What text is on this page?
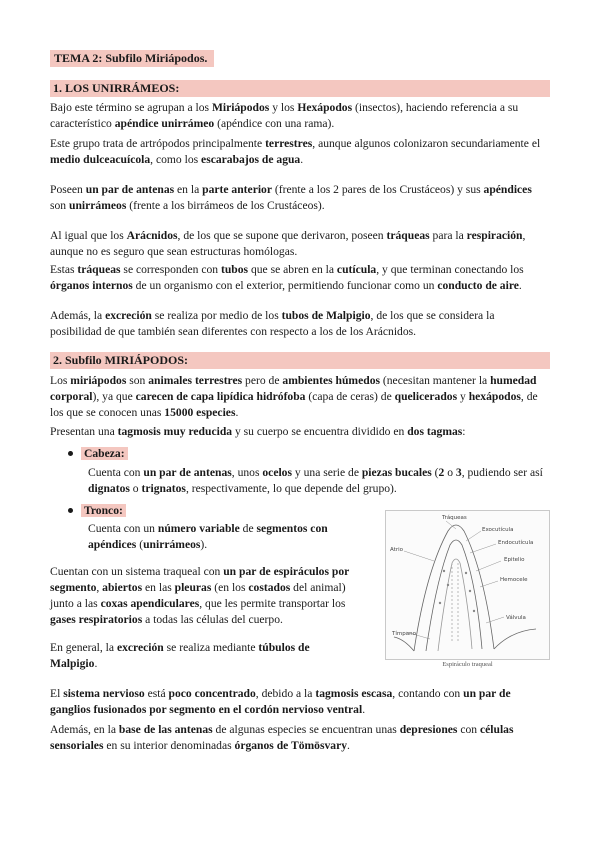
TEMA 2: Subfilo Miriápodos.
1. LOS UNIRRÁMEOS:

Bajo este término se agrupan a los Miriápodos y los Hexápodos (insectos), haciendo referencia a su característico apéndice unirrámeo (apéndice con una rama).

Este grupo trata de artrópodos principalmente terrestres, aunque algunos colonizaron secundariamente el medio dulceacuícola, como los escarabajos de agua.

Poseen un par de antenas en la parte anterior (frente a los 2 pares de los Crustáceos) y sus apéndices son unirrámeos (frente a los birrámeos de los Crustáceos).

Al igual que los Arácnidos, de los que se supone que derivaron, poseen tráqueas para la respiración, aunque no es seguro que sean estructuras homólogas.

Estas tráqueas se corresponden con tubos que se abren en la cutícula, y que terminan conectando los órganos internos de un organismo con el exterior, permitiendo funcionar como un conducto de aire.

Además, la excreción se realiza por medio de los tubos de Malpigio, de los que se considera la posibilidad de que también sean diferentes con respecto a los de los Arácnidos.

2. Subfilo MIRIÁPODOS:

Los miriápodos son animales terrestres pero de ambientes húmedos (necesitan mantener la humedad corporal), ya que carecen de capa lipídica hidrófoba (capa de ceras) de quelicerados y hexápodos, de los que se conocen unas 15000 especies.

Presentan una tagmosis muy reducida y su cuerpo se encuentra dividido en dos tagmas:

Cabeza:

Cuenta con un par de antenas, unos ocelos y una serie de piezas bucales (2 o 3, pudiendo ser así dignatos o trignatos, respectivamente, lo que depende del grupo).

Tronco:

Cuenta con un número variable de segmentos con apéndices (unirrámeos).

Cuentan con un sistema traqueal con un par de espiráculos por segmento, abiertos en las pleuras (en los costados del animal) junto a las coxas apendiculares, que les permite transportar los gases respiratorios a todas las células del cuerpo.

En general, la excreción se realiza mediante túbulos de Malpigio.

El sistema nervioso está poco concentrado, debido a la tagmosis escasa, contando con un par de ganglios fusionados por segmento en el cordón nervioso ventral.

Además, en la base de las antenas de algunas especies se encuentran unas depresiones con células sensoriales en su interior denominadas órganos de Tömösvary.

Tráqueas
Exocutícula
Endocutícula
Epitelio
Hemocele
Atrio
Tímpano
Válvula
Espiráculo traqueal
